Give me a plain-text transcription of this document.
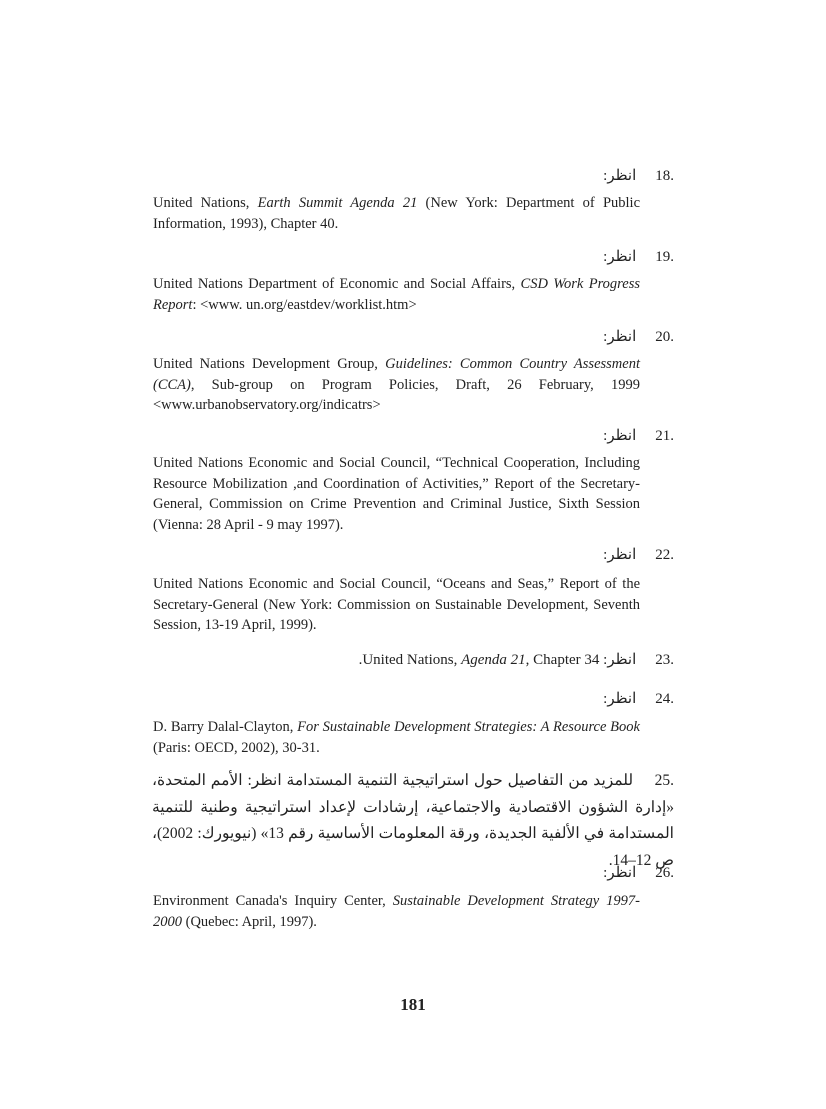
.18 انظر:
United Nations, Earth Summit Agenda 21 (New York: Department of Public Information, 1993), Chapter 40.
.19 انظر:
United Nations Department of Economic and Social Affairs, CSD Work Progress Report: <www. un.org/eastdev/worklist.htm>
.20 انظر:
United Nations Development Group, Guidelines: Common Country Assessment (CCA), Sub-group on Program Policies, Draft, 26 February, 1999 <www.urbanobservatory.org/indicatrs>
.21 انظر:
United Nations Economic and Social Council, “Technical Cooperation, Including Resource Mobilization ,and Coordination of Activities,” Report of the Secretary-General, Commission on Crime Prevention and Criminal Justice, Sixth Session (Vienna: 28 April - 9 may 1997).
.22 انظر:
United Nations Economic and Social Council, “Oceans and Seas,” Report of the Secretary-General (New York: Commission on Sustainable Development, Seventh Session, 13-19 April, 1999).
.23 انظر: .United Nations, Agenda 21, Chapter 34
.24 انظر:
D. Barry Dalal-Clayton, For Sustainable Development Strategies: A Resource Book (Paris: OECD, 2002), 30-31.
.25 للمزيد من التفاصيل حول استراتيجية التنمية المستدامة انظر: الأمم المتحدة، «إدارة الشؤون الاقتصادية والاجتماعية، إرشادات لإعداد استراتيجية وطنية للتنمية المستدامة في الألفية الجديدة، ورقة المعلومات الأساسية رقم 13» (نيويورك: 2002)، ص 12–14.
.26 انظر:
Environment Canada's Inquiry Center, Sustainable Development Strategy 1997-2000 (Quebec: April, 1997).
181
